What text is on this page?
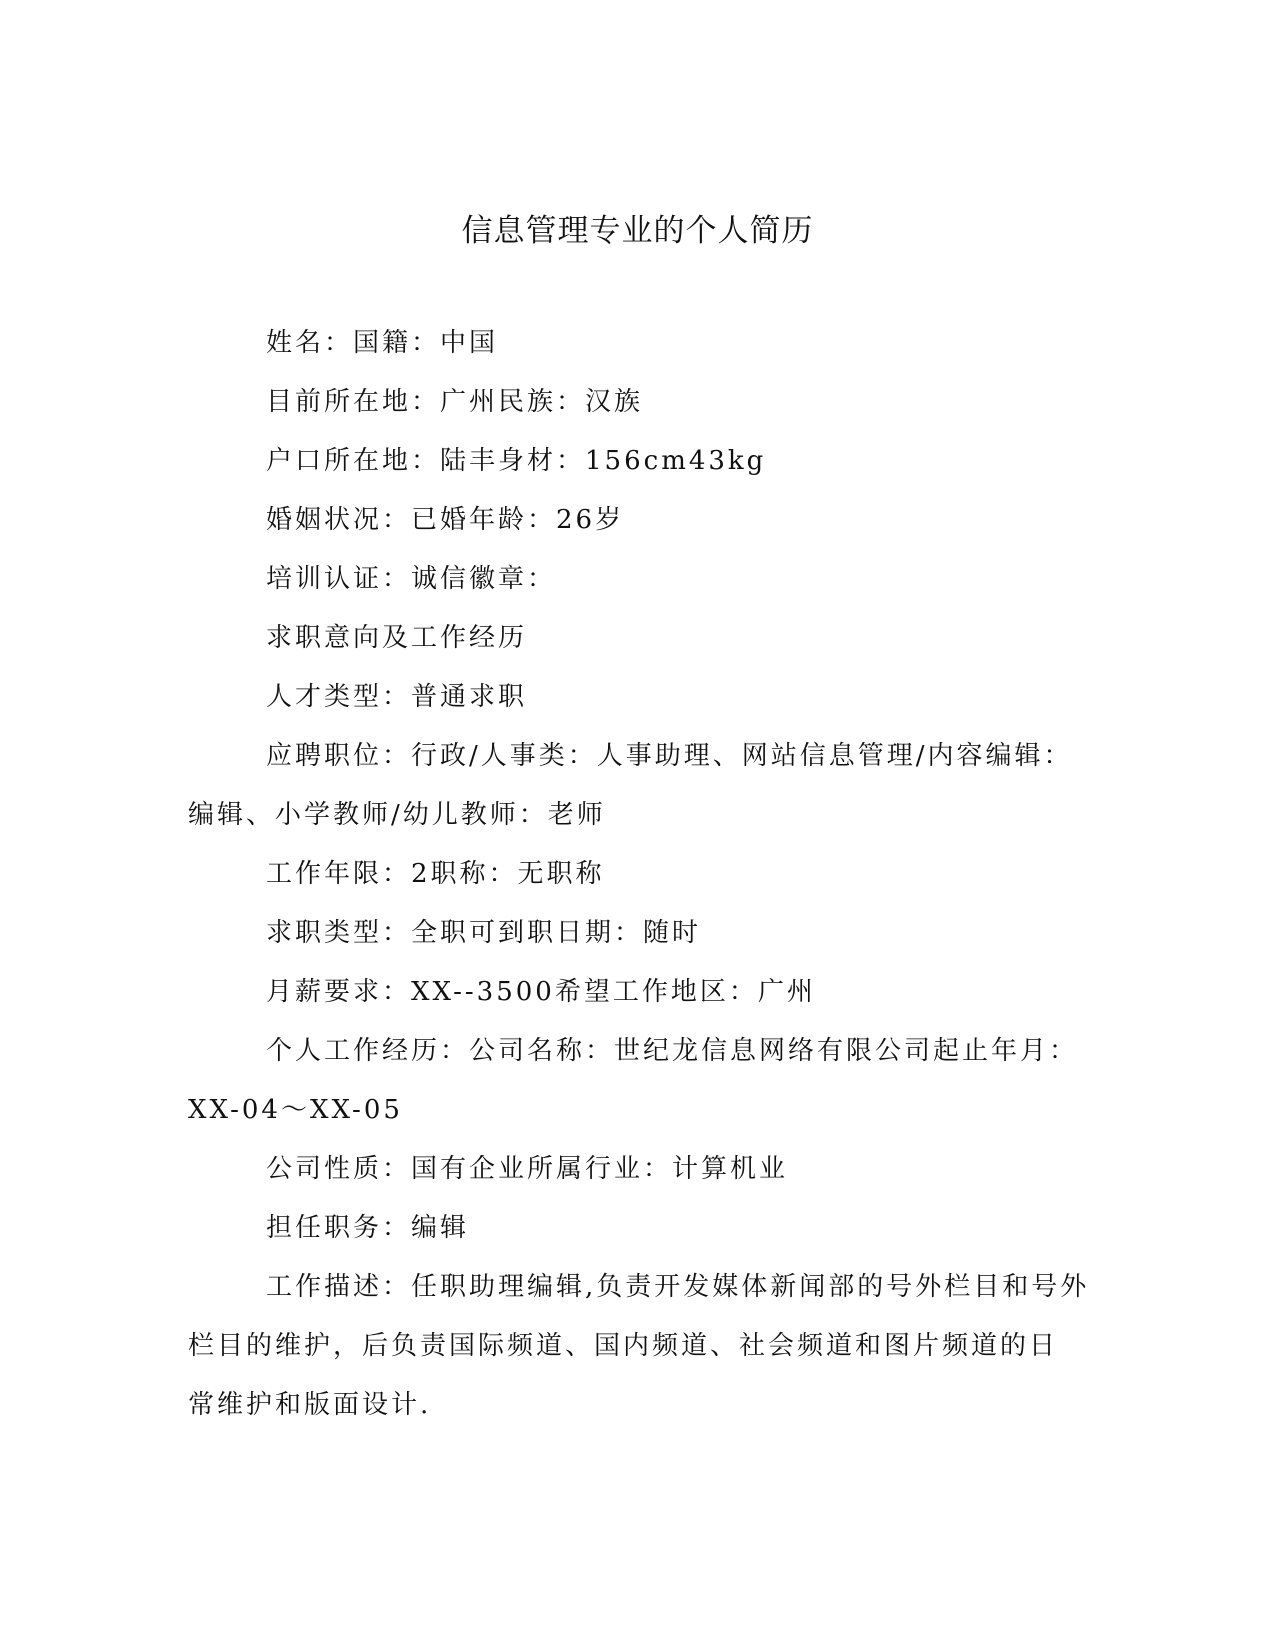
信息管理专业的个人简历

姓名：国籍：中国

目前所在地：广州民族：汉族

户口所在地：陆丰身材：156cm43kg

婚姻状况：已婚年龄：26岁

培训认证：诚信徽章：

求职意向及工作经历

人才类型：普通求职

应聘职位：行政/人事类：人事助理、网站信息管理/内容编辑：

编辑、小学教师/幼儿教师：老师

工作年限：2职称：无职称

求职类型：全职可到职日期：随时

月薪要求：XX--3500希望工作地区：广州

个人工作经历：公司名称：世纪龙信息网络有限公司起止年月：

XX-04～XX-05

公司性质：国有企业所属行业：计算机业

担任职务：编辑

工作描述：任职助理编辑,负责开发媒体新闻部的号外栏目和号外

栏目的维护，后负责国际频道、国内频道、社会频道和图片频道的日

常维护和版面设计.
